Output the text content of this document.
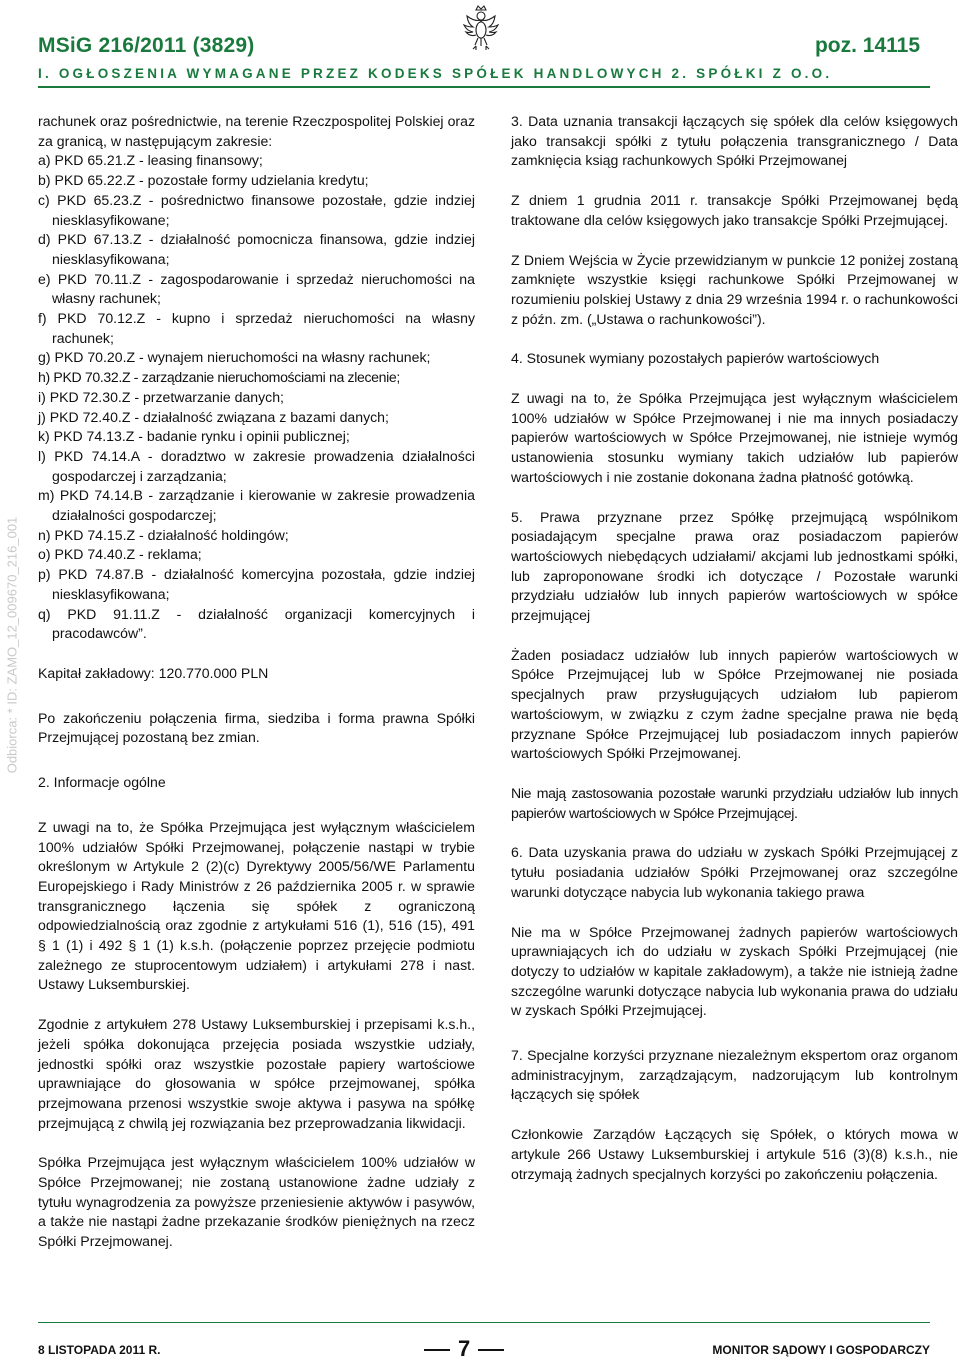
MSiG 216/2011 (3829)	poz. 14115
I. OGŁOSZENIA WYMAGANE PRZEZ KODEKS SPÓŁEK HANDLOWYCH 2. SPÓŁKI Z O.O.
Odbiorca: * ID: ZAMO_12_009670_216_001

rachunek oraz pośrednictwie, na terenie Rzeczpospolitej Polskiej oraz za granicą, w następującym zakresie:

a) PKD 65.21.Z - leasing finansowy;

b) PKD 65.22.Z - pozostałe formy udzielania kredytu;

c) PKD 65.23.Z - pośrednictwo finansowe pozostałe, gdzie indziej niesklasyfikowane;

d) PKD 67.13.Z - działalność pomocnicza finansowa, gdzie indziej niesklasyfikowana;

e) PKD 70.11.Z - zagospodarowanie i sprzedaż nieruchomości na własny rachunek;

f) PKD 70.12.Z - kupno i sprzedaż nieruchomości na własny rachunek;

g) PKD 70.20.Z - wynajem nieruchomości na własny rachunek;

h) PKD 70.32.Z - zarządzanie nieruchomościami na zlecenie;

i) PKD 72.30.Z - przetwarzanie danych;

j) PKD 72.40.Z - działalność związana z bazami danych;

k) PKD 74.13.Z - badanie rynku i opinii publicznej;

l) PKD 74.14.A - doradztwo w zakresie prowadzenia działalności gospodarczej i zarządzania;

m) PKD 74.14.B - zarządzanie i kierowanie w zakresie prowadzenia działalności gospodarczej;

n) PKD 74.15.Z - działalność holdingów;

o) PKD 74.40.Z - reklama;

p) PKD 74.87.B - działalność komercyjna pozostała, gdzie indziej niesklasyfikowana;

q) PKD 91.11.Z - działalność organizacji komercyjnych i pracodawców”.

Kapitał zakładowy: 120.770.000 PLN

Po zakończeniu połączenia firma, siedziba i forma prawna Spółki Przejmującej pozostaną bez zmian.

2. Informacje ogólne

Z uwagi na to, że Spółka Przejmująca jest wyłącznym właścicielem 100% udziałów Spółki Przejmowanej, połączenie nastąpi w trybie określonym w Artykule 2 (2)(c) Dyrektywy 2005/56/WE Parlamentu Europejskiego i Rady Ministrów z 26 października 2005 r. w sprawie transgranicznego łączenia się spółek z ograniczoną odpowiedzialnością oraz zgodnie z artykułami 516 (1), 516 (15), 491 § 1 (1) i 492 § 1 (1) k.s.h. (połączenie poprzez przejęcie podmiotu zależnego ze stuprocentowym udziałem) i artykułami 278 i nast. Ustawy Luksemburskiej.

Zgodnie z artykułem 278 Ustawy Luksemburskiej i przepisami k.s.h., jeżeli spółka dokonująca przejęcia posiada wszystkie udziały, jednostki spółki oraz wszystkie pozostałe papiery wartościowe uprawniające do głosowania w spółce przejmowanej, spółka przejmowana przenosi wszystkie swoje aktywa i pasywa na spółkę przejmującą z chwilą jej rozwiązania bez przeprowadzania likwidacji.

Spółka Przejmująca jest wyłącznym właścicielem 100% udziałów w Spółce Przejmowanej; nie zostaną ustanowione żadne udziały z tytułu wynagrodzenia za powyższe przeniesienie aktywów i pasywów, a także nie nastąpi żadne przekazanie środków pieniężnych na rzecz Spółki Przejmowanej.

3. Data uznania transakcji łączących się spółek dla celów księgowych jako transakcji spółki z tytułu połączenia transgranicznego / Data zamknięcia ksiąg rachunkowych Spółki Przejmowanej

Z dniem 1 grudnia 2011 r. transakcje Spółki Przejmowanej będą traktowane dla celów księgowych jako transakcje Spółki Przejmującej.

Z Dniem Wejścia w Życie przewidzianym w punkcie 12 poniżej zostaną zamknięte wszystkie księgi rachunkowe Spółki Przejmowanej w rozumieniu polskiej Ustawy z dnia 29 września 1994 r. o rachunkowości z późn. zm. („Ustawa o rachunkowości”).

4. Stosunek wymiany pozostałych papierów wartościowych

Z uwagi na to, że Spółka Przejmująca jest wyłącznym właścicielem 100% udziałów w Spółce Przejmowanej i nie ma innych posiadaczy papierów wartościowych w Spółce Przejmowanej, nie istnieje wymóg ustanowienia stosunku wymiany takich udziałów lub papierów wartościowych i nie zostanie dokonana żadna płatność gotówką.

5. Prawa przyznane przez Spółkę przejmującą wspólnikom posiadającym specjalne prawa oraz posiadaczom papierów wartościowych niebędących udziałami/ akcjami lub jednostkami spółki, lub zaproponowane środki ich dotyczące / Pozostałe warunki przydziału udziałów lub innych papierów wartościowych w spółce przejmującej

Żaden posiadacz udziałów lub innych papierów wartościowych w Spółce Przejmującej lub w Spółce Przejmowanej nie posiada specjalnych praw przysługujących udziałom lub papierom wartościowym, w związku z czym żadne specjalne prawa nie będą przyznane Spółce Przejmującej lub posiadaczom innych papierów wartościowych Spółki Przejmowanej.

Nie mają zastosowania pozostałe warunki przydziału udziałów lub innych papierów wartościowych w Spółce Przejmującej.

6. Data uzyskania prawa do udziału w zyskach Spółki Przejmującej z tytułu posiadania udziałów Spółki Przejmowanej oraz szczególne warunki dotyczące nabycia lub wykonania takiego prawa

Nie ma w Spółce Przejmowanej żadnych papierów wartościowych uprawniających ich do udziału w zyskach Spółki Przejmującej (nie dotyczy to udziałów w kapitale zakładowym), a także nie istnieją żadne szczególne warunki dotyczące nabycia lub wykonania prawa do udziału w zyskach Spółki Przejmującej.

7. Specjalne korzyści przyznane niezależnym ekspertom oraz organom administracyjnym, zarządzającym, nadzorującym lub kontrolnym łączących się spółek

Członkowie Zarządów Łączących się Spółek, o których mowa w artykule 266 Ustawy Luksemburskiej i artykule 516 (3)(8) k.s.h., nie otrzymają żadnych specjalnych korzyści po zakończeniu połączenia.

8 LISTOPADA 2011 R.	7	MONITOR SĄDOWY I GOSPODARCZY
